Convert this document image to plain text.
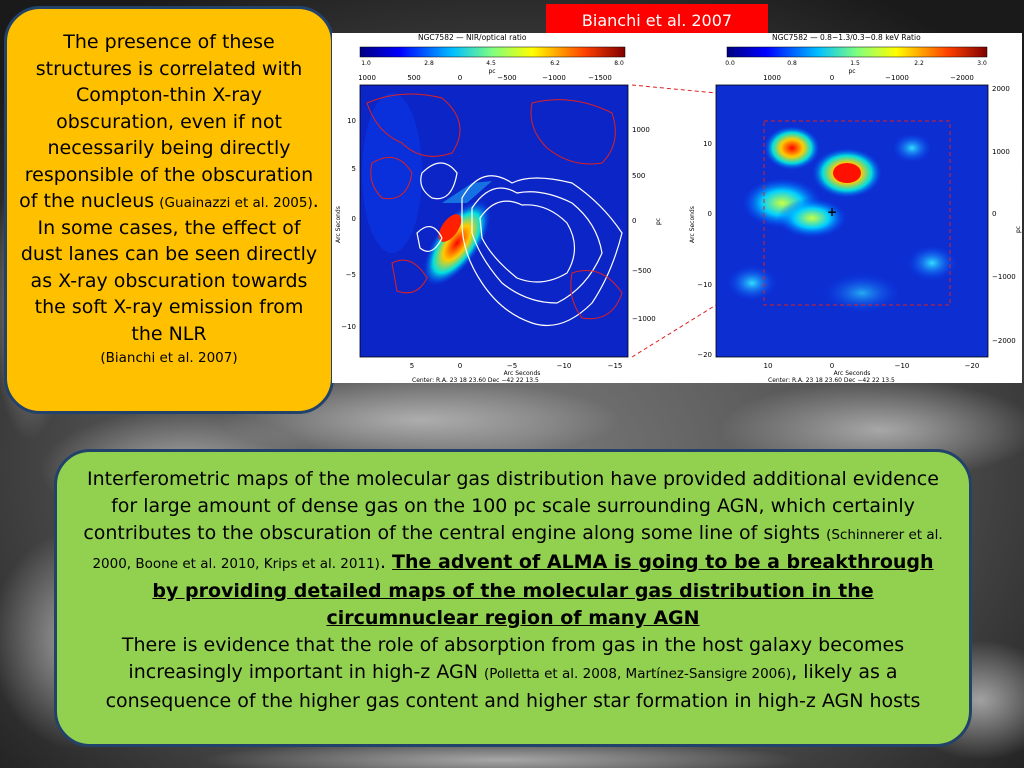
The presence of these structures is correlated with Compton-thin X-ray obscuration, even if not necessarily being directly responsible of the obscuration of the nucleus (Guainazzi et al. 2005). In some cases, the effect of dust lanes can be seen directly as X-ray obscuration towards the soft X-ray emission from the NLR
(Bianchi et al. 2007)
Bianchi et al. 2007
NGC7582 — NIR/optical ratio
1.0	2.8	4.5	6.2	8.0
pc
1000	500	0	−500	−1000	−1500
10
5
0
−5
−10
Arc Seconds
1000
500
0
−500
−1000
pc
5	0	−5	−10	−15
Arc Seconds
Center: R.A. 23 18 23.60 Dec −42 22 13.5
NGC7582 — 0.8−1.3/0.3−0.8 keV Ratio
0.0	0.8	1.5	2.2	3.0
pc
1000	0	−1000	−2000
+
10
0
−10
−20
Arc Seconds
2000
1000
0
−1000
−2000
pc
10	0	−10	−20
Arc Seconds
Center: R.A. 23 18 23.60 Dec −42 22 13.5
Interferometric maps of the molecular gas distribution have provided additional evidence for large amount of dense gas on the 100 pc scale surrounding AGN, which certainly contributes to the obscuration of the central engine along some line of sights (Schinnerer et al. 2000, Boone et al. 2010, Krips et al. 2011). The advent of ALMA is going to be a breakthrough by providing detailed maps of the molecular gas distribution in the circumnuclear region of many AGN
There is evidence that the role of absorption from gas in the host galaxy becomes increasingly important in high-z AGN (Polletta et al. 2008, Martínez-Sansigre 2006), likely as a consequence of the higher gas content and higher star formation in high-z AGN hosts
